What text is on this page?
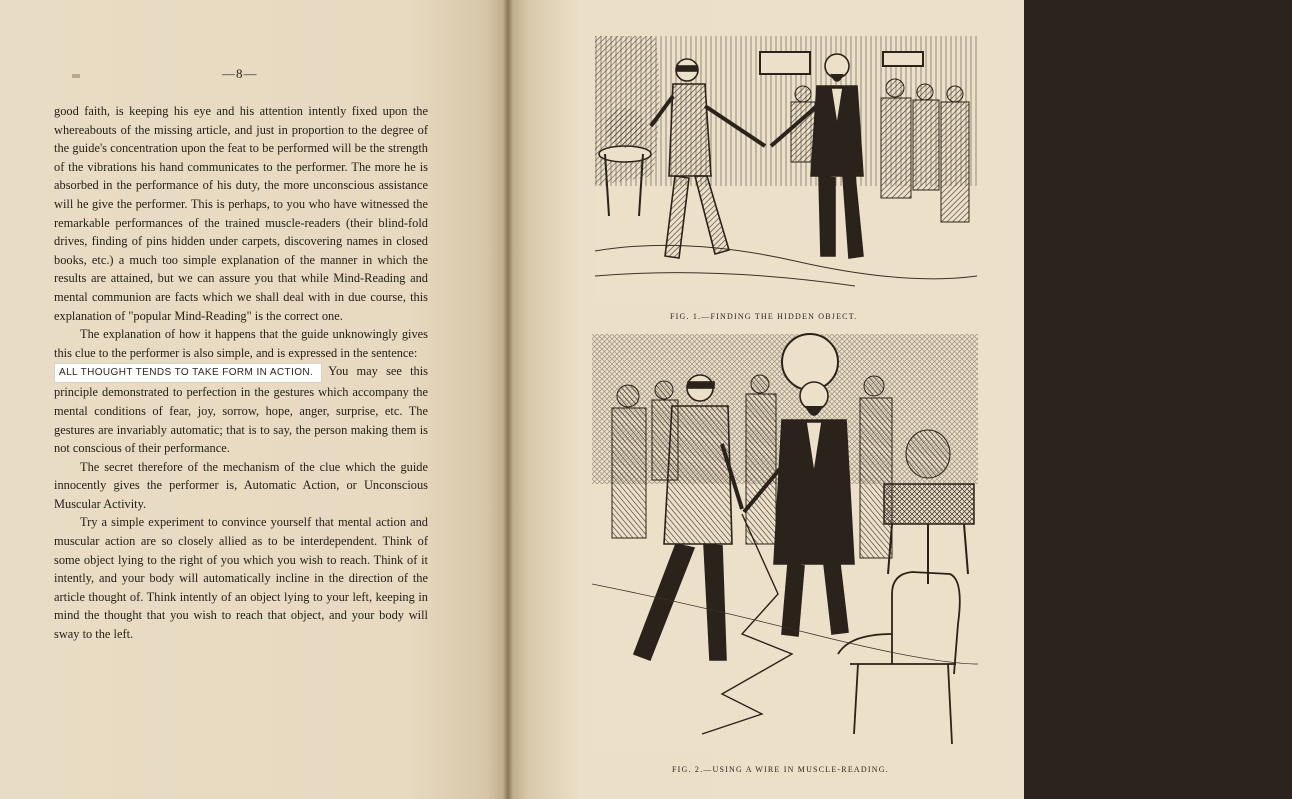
—8—

good faith, is keeping his eye and his attention intently fixed upon the whereabouts of the missing article, and just in proportion to the degree of the guide's concentration upon the feat to be performed will be the strength of the vibrations his hand communicates to the performer. The more he is absorbed in the performance of his duty, the more unconscious assistance will he give the performer. This is perhaps, to you who have witnessed the remarkable performances of the trained muscle-readers (their blind-fold drives, finding of pins hidden under carpets, discovering names in closed books, etc.) a much too simple explanation of the manner in which the results are attained, but we can assure you that while Mind-Reading and mental communion are facts which we shall deal with in due course, this explanation of "popular Mind-Reading" is the correct one.

The explanation of how it happens that the guide unknowingly gives this clue to the performer is also simple, and is expressed in the sentence:

ALL THOUGHT TENDS TO TAKE FORM IN ACTION. You may see this principle demonstrated to perfection in the gestures which accompany the mental conditions of fear, joy, sorrow, hope, anger, surprise, etc. The gestures are invariably automatic; that is to say, the person making them is not conscious of their performance.

The secret therefore of the mechanism of the clue which the guide innocently gives the performer is, Automatic Action, or Unconscious Muscular Activity.

Try a simple experiment to convince yourself that mental action and muscular action are so closely allied as to be interdependent. Think of some object lying to the right of you which you wish to reach. Think of it intently, and your body will automatically incline in the direction of the article thought of. Think intently of an object lying to your left, keeping in mind the thought that you wish to reach that object, and your body will sway to the left.

—9—
FIG. 1.—FINDING THE HIDDEN OBJECT.
FIG. 2.—USING A WIRE IN MUSCLE-READING.
